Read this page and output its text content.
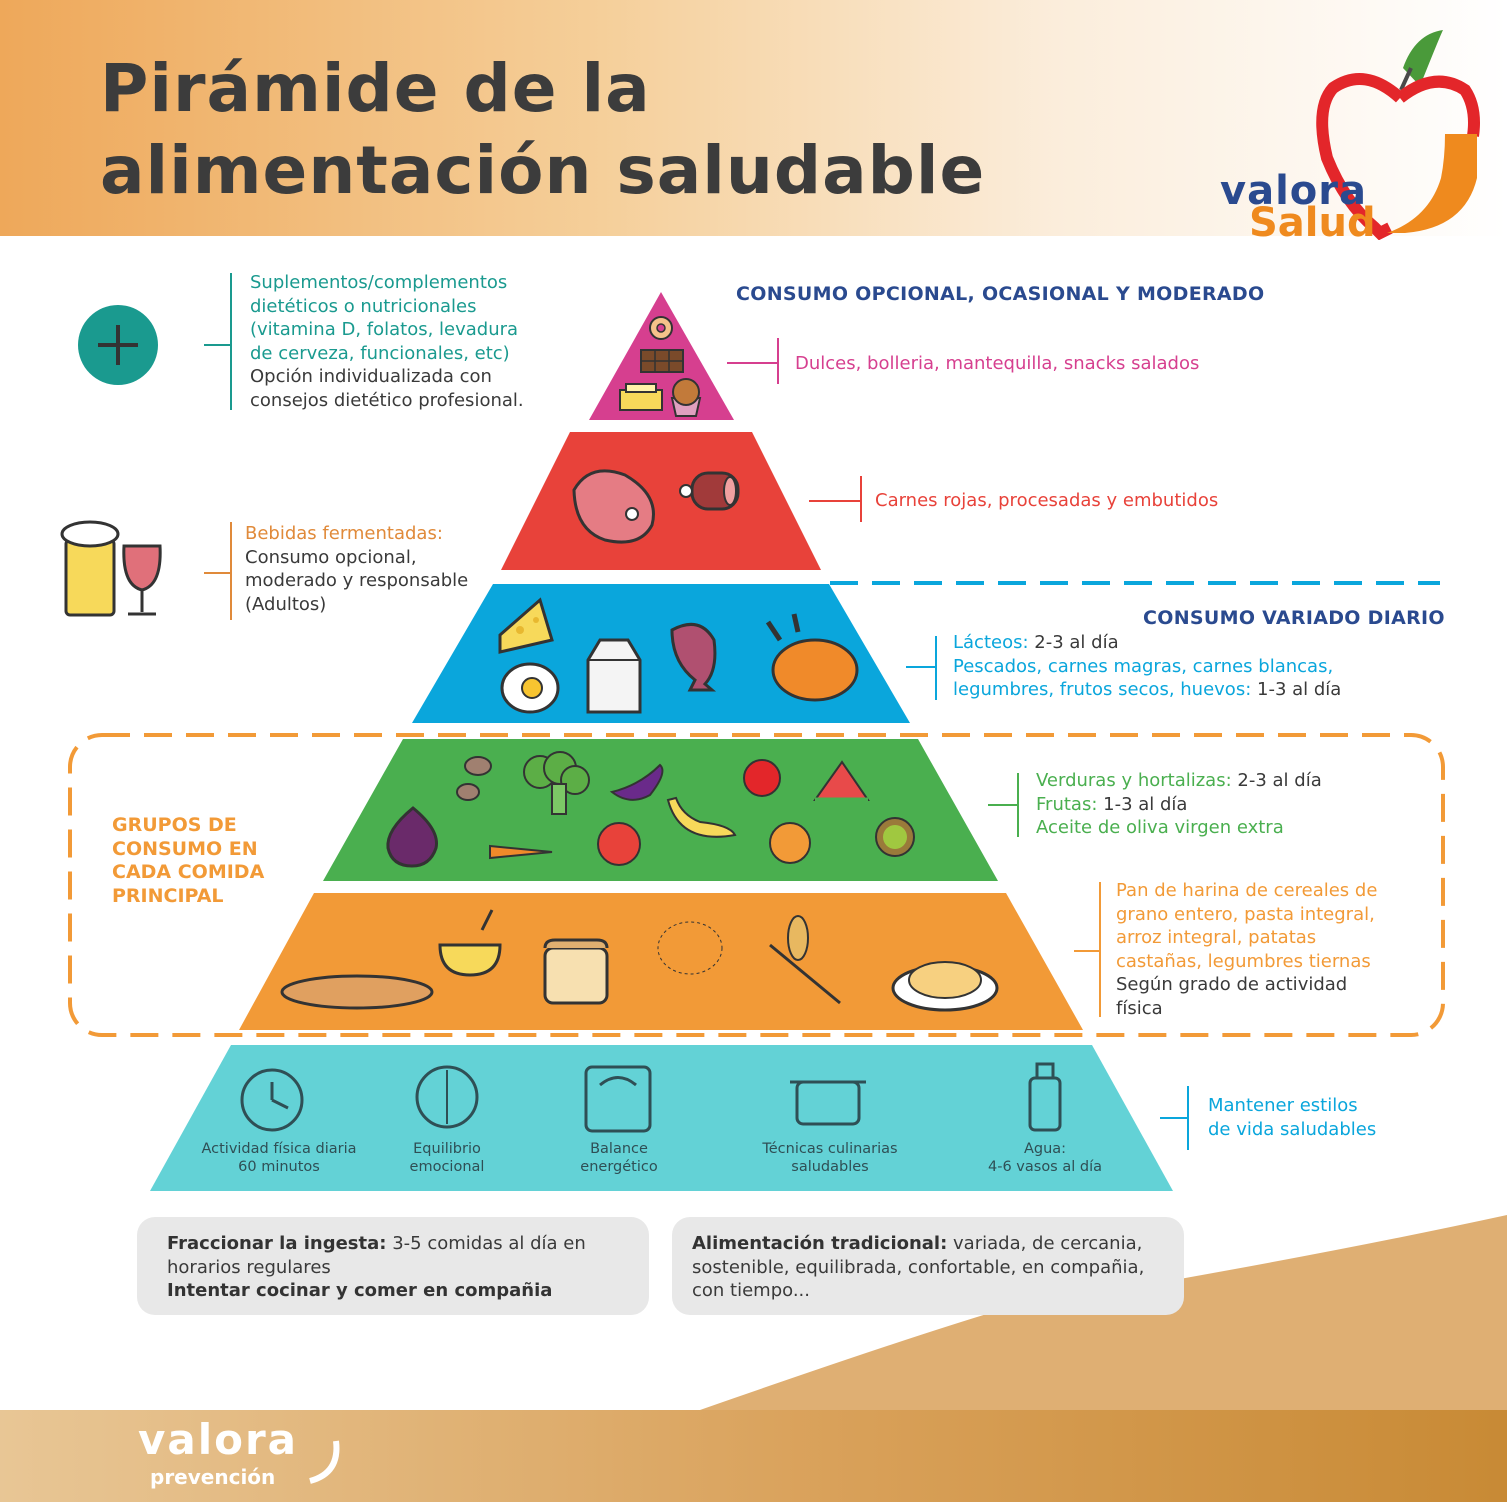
Pirámide de la
alimentación saludable	valora
Salud
CONSUMO OPCIONAL, OCASIONAL Y MODERADO
CONSUMO VARIADO DIARIO
GRUPOS DE
CONSUMO EN
CADA COMIDA
PRINCIPAL
Suplementos/complementos
dietéticos o nutricionales
(vitamina D, folatos, levadura
de cerveza, funcionales, etc)
Opción individualizada con
consejos dietético profesional.
Bebidas fermentadas:
Consumo opcional,
moderado y responsable
(Adultos)
Dulces, bolleria, mantequilla, snacks salados
Carnes rojas, procesadas y embutidos
Lácteos: 2-3 al día
Pescados, carnes magras, carnes blancas,
legumbres, frutos secos, huevos: 1-3 al día
Verduras y hortalizas: 2-3 al día
Frutas: 1-3 al día
Aceite de oliva virgen extra
Pan de harina de cereales de
grano entero, pasta integral,
arroz integral, patatas
castañas, legumbres tiernas
Según grado de actividad
física
Mantener estilos
de vida saludables
Actividad física diaria
60 minutos
Equilibrio
emocional
Balance
energético
Técnicas culinarias
saludables
Agua:
4-6 vasos al día
Fraccionar la ingesta: 3-5 comidas al día en
horarios regulares
Intentar cocinar y comer en compañia
Alimentación tradicional: variada, de cercania,
sostenible, equilibrada, confortable, en compañia,
con tiempo...
valora
prevención
